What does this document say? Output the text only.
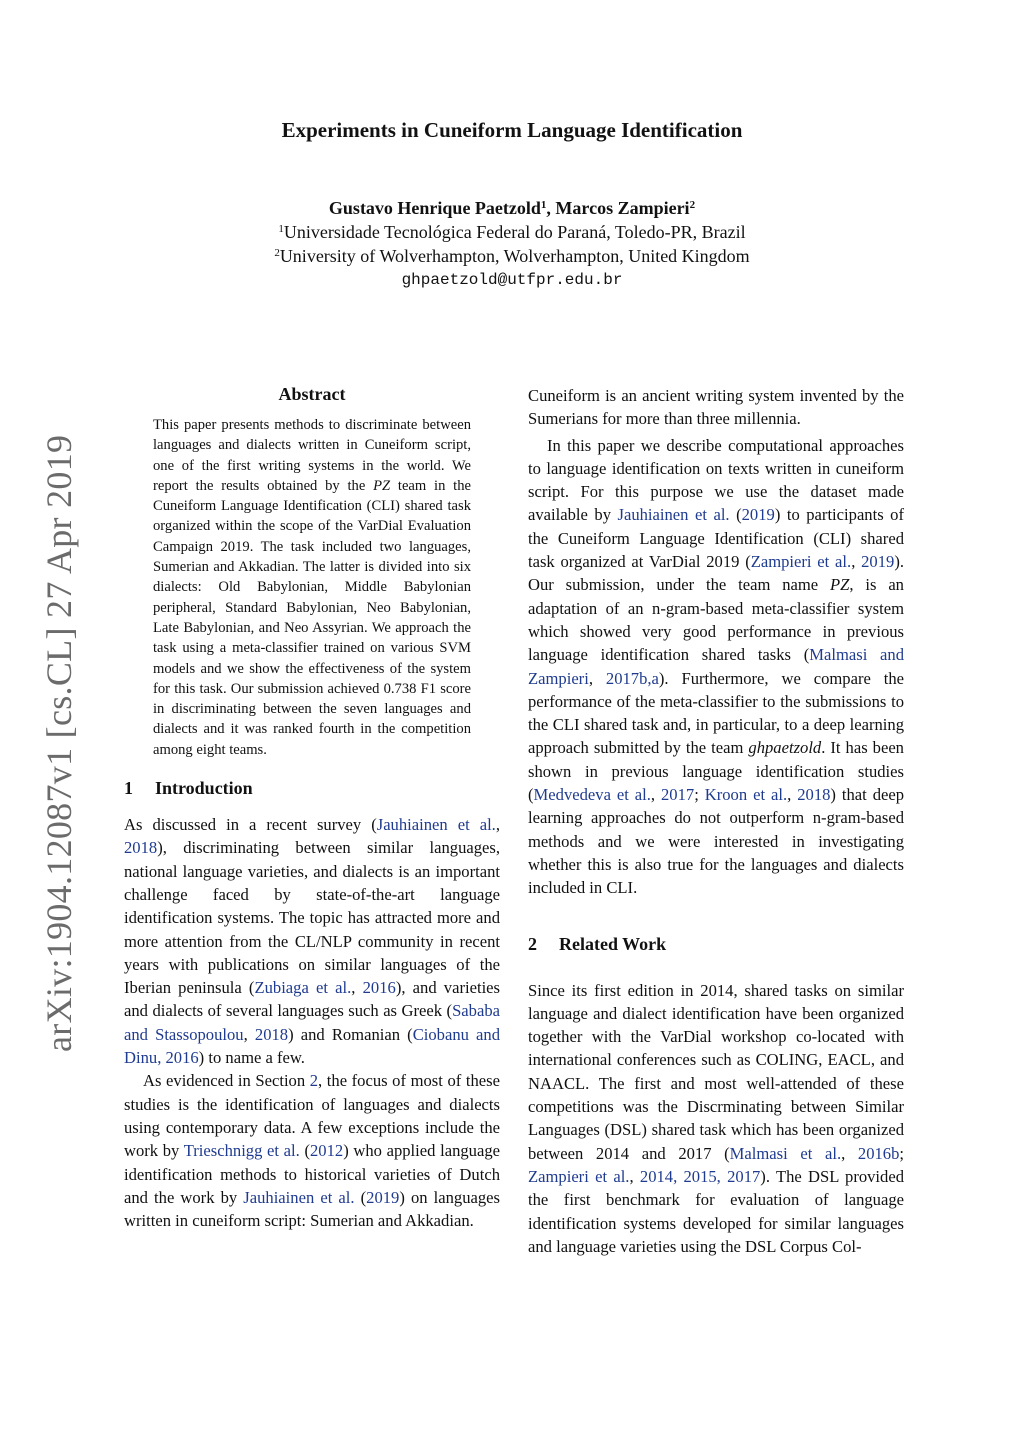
arXiv:1904.12087v1 [cs.CL] 27 Apr 2019
Experiments in Cuneiform Language Identification
Gustavo Henrique Paetzold$^1$, Marcos Zampieri$^2$
$^1$Universidade Tecnológica Federal do Paraná, Toledo-PR, Brazil
$^2$University of Wolverhampton, Wolverhampton, United Kingdom
ghpaetzold@utfpr.edu.br
Abstract

This paper presents methods to discriminate between languages and dialects written in Cuneiform script, one of the first writing systems in the world. We report the results obtained by the PZ team in the Cuneiform Language Identification (CLI) shared task organized within the scope of the VarDial Evaluation Campaign 2019. The task included two languages, Sumerian and Akkadian. The latter is divided into six dialects: Old Babylonian, Middle Babylonian peripheral, Standard Babylonian, Neo Babylonian, Late Babylonian, and Neo Assyrian. We approach the task using a meta-classifier trained on various SVM models and we show the effectiveness of the system for this task. Our submission achieved 0.738 F1 score in discriminating between the seven languages and dialects and it was ranked fourth in the competition among eight teams.

1 Introduction

As discussed in a recent survey (Jauhiainen et al., 2018), discriminating between similar languages, national language varieties, and dialects is an important challenge faced by state-of-the-art language identification systems. The topic has attracted more and more attention from the CL/NLP community in recent years with publications on similar languages of the Iberian peninsula (Zubiaga et al., 2016), and varieties and dialects of several languages such as Greek (Sababa and Stassopoulou, 2018) and Romanian (Ciobanu and Dinu, 2016) to name a few.

As evidenced in Section 2, the focus of most of these studies is the identification of languages and dialects using contemporary data. A few exceptions include the work by Trieschnigg et al. (2012) who applied language identification methods to historical varieties of Dutch and the work by Jauhiainen et al. (2019) on languages written in cuneiform script: Sumerian and Akkadian.

Cuneiform is an ancient writing system invented by the Sumerians for more than three millennia.

In this paper we describe computational approaches to language identification on texts written in cuneiform script. For this purpose we use the dataset made available by Jauhiainen et al. (2019) to participants of the Cuneiform Language Identification (CLI) shared task organized at VarDial 2019 (Zampieri et al., 2019). Our submission, under the team name PZ, is an adaptation of an n-gram-based meta-classifier system which showed very good performance in previous language identification shared tasks (Malmasi and Zampieri, 2017b,a). Furthermore, we compare the performance of the meta-classifier to the submissions to the CLI shared task and, in particular, to a deep learning approach submitted by the team ghpaetzold. It has been shown in previous language identification studies (Medvedeva et al., 2017; Kroon et al., 2018) that deep learning approaches do not outperform n-gram-based methods and we were interested in investigating whether this is also true for the languages and dialects included in CLI.

2 Related Work

Since its first edition in 2014, shared tasks on similar language and dialect identification have been organized together with the VarDial workshop co-located with international conferences such as COLING, EACL, and NAACL. The first and most well-attended of these competitions was the Discrminating between Similar Languages (DSL) shared task which has been organized between 2014 and 2017 (Malmasi et al., 2016b; Zampieri et al., 2014, 2015, 2017). The DSL provided the first benchmark for evaluation of language identification systems developed for similar languages and language varieties using the DSL Corpus Col-
